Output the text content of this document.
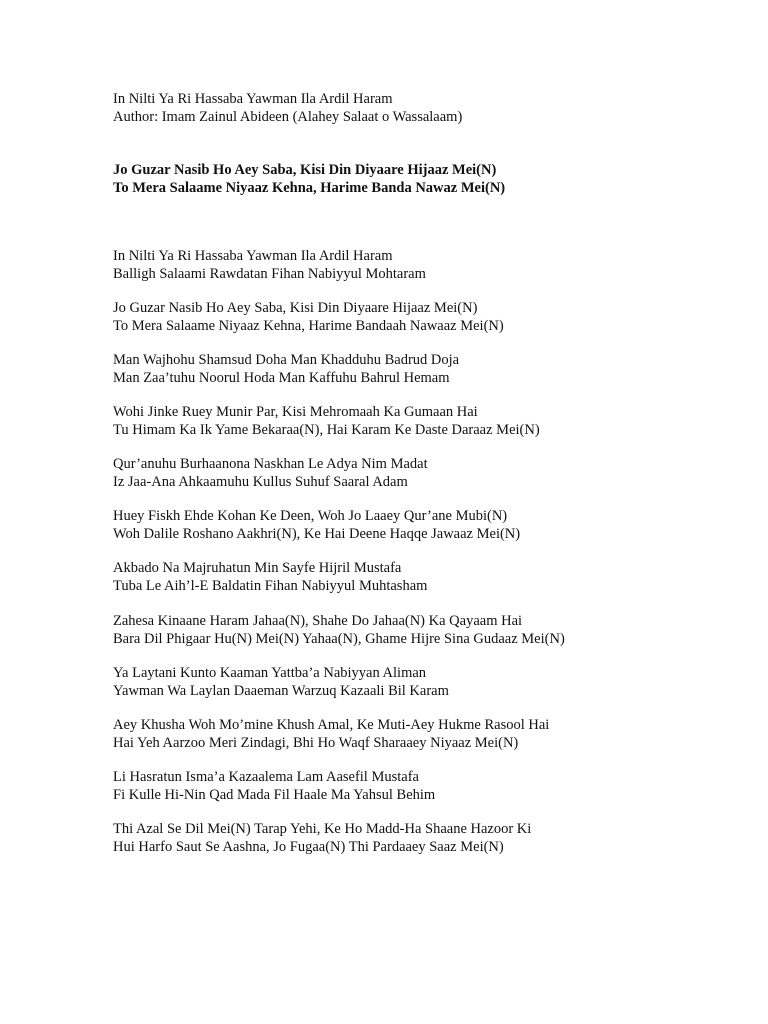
In Nilti Ya Ri Hassaba Yawman Ila Ardil Haram
Author: Imam Zainul Abideen (Alahey Salaat o Wassalaam)
Jo Guzar Nasib Ho Aey Saba, Kisi Din Diyaare Hijaaz Mei(N)
To Mera Salaame Niyaaz Kehna, Harime Banda Nawaz Mei(N)
In Nilti Ya Ri Hassaba Yawman Ila Ardil Haram
Balligh Salaami Rawdatan Fihan Nabiyyul Mohtaram
Jo Guzar Nasib Ho Aey Saba, Kisi Din Diyaare Hijaaz Mei(N)
To Mera Salaame Niyaaz Kehna, Harime Bandaah Nawaaz Mei(N)
Man Wajhohu Shamsud Doha Man Khadduhu Badrud Doja
Man Zaa’tuhu Noorul Hoda Man Kaffuhu Bahrul Hemam
Wohi Jinke Ruey Munir Par, Kisi Mehromaah Ka Gumaan Hai
Tu Himam Ka Ik Yame Bekaraa(N), Hai Karam Ke Daste Daraaz Mei(N)
Qur’anuhu Burhaanona Naskhan Le Adya Nim Madat
Iz Jaa-Ana Ahkaamuhu Kullus Suhuf Saaral Adam
Huey Fiskh Ehde Kohan Ke Deen, Woh Jo Laaey Qur’ane Mubi(N)
Woh Dalile Roshano Aakhri(N), Ke Hai Deene Haqqe Jawaaz Mei(N)
Akbado Na Majruhatun Min Sayfe Hijril Mustafa
Tuba Le Aih’l-E Baldatin Fihan Nabiyyul Muhtasham
Zahesa Kinaane Haram Jahaa(N), Shahe Do Jahaa(N) Ka Qayaam Hai
Bara Dil Phigaar Hu(N) Mei(N) Yahaa(N), Ghame Hijre Sina Gudaaz Mei(N)
Ya Laytani Kunto Kaaman Yattba’a Nabiyyan Aliman
Yawman Wa Laylan Daaeman Warzuq Kazaali Bil Karam
Aey Khusha Woh Mo’mine Khush Amal, Ke Muti-Aey Hukme Rasool Hai
Hai Yeh Aarzoo Meri Zindagi, Bhi Ho Waqf Sharaaey Niyaaz Mei(N)
Li Hasratun Isma’a Kazaalema Lam Aasefil Mustafa
Fi Kulle Hi-Nin Qad Mada Fil Haale Ma Yahsul Behim
Thi Azal Se Dil Mei(N) Tarap Yehi, Ke Ho Madd-Ha Shaane Hazoor Ki
Hui Harfo Saut Se Aashna, Jo Fugaa(N) Thi Pardaaey Saaz Mei(N)
